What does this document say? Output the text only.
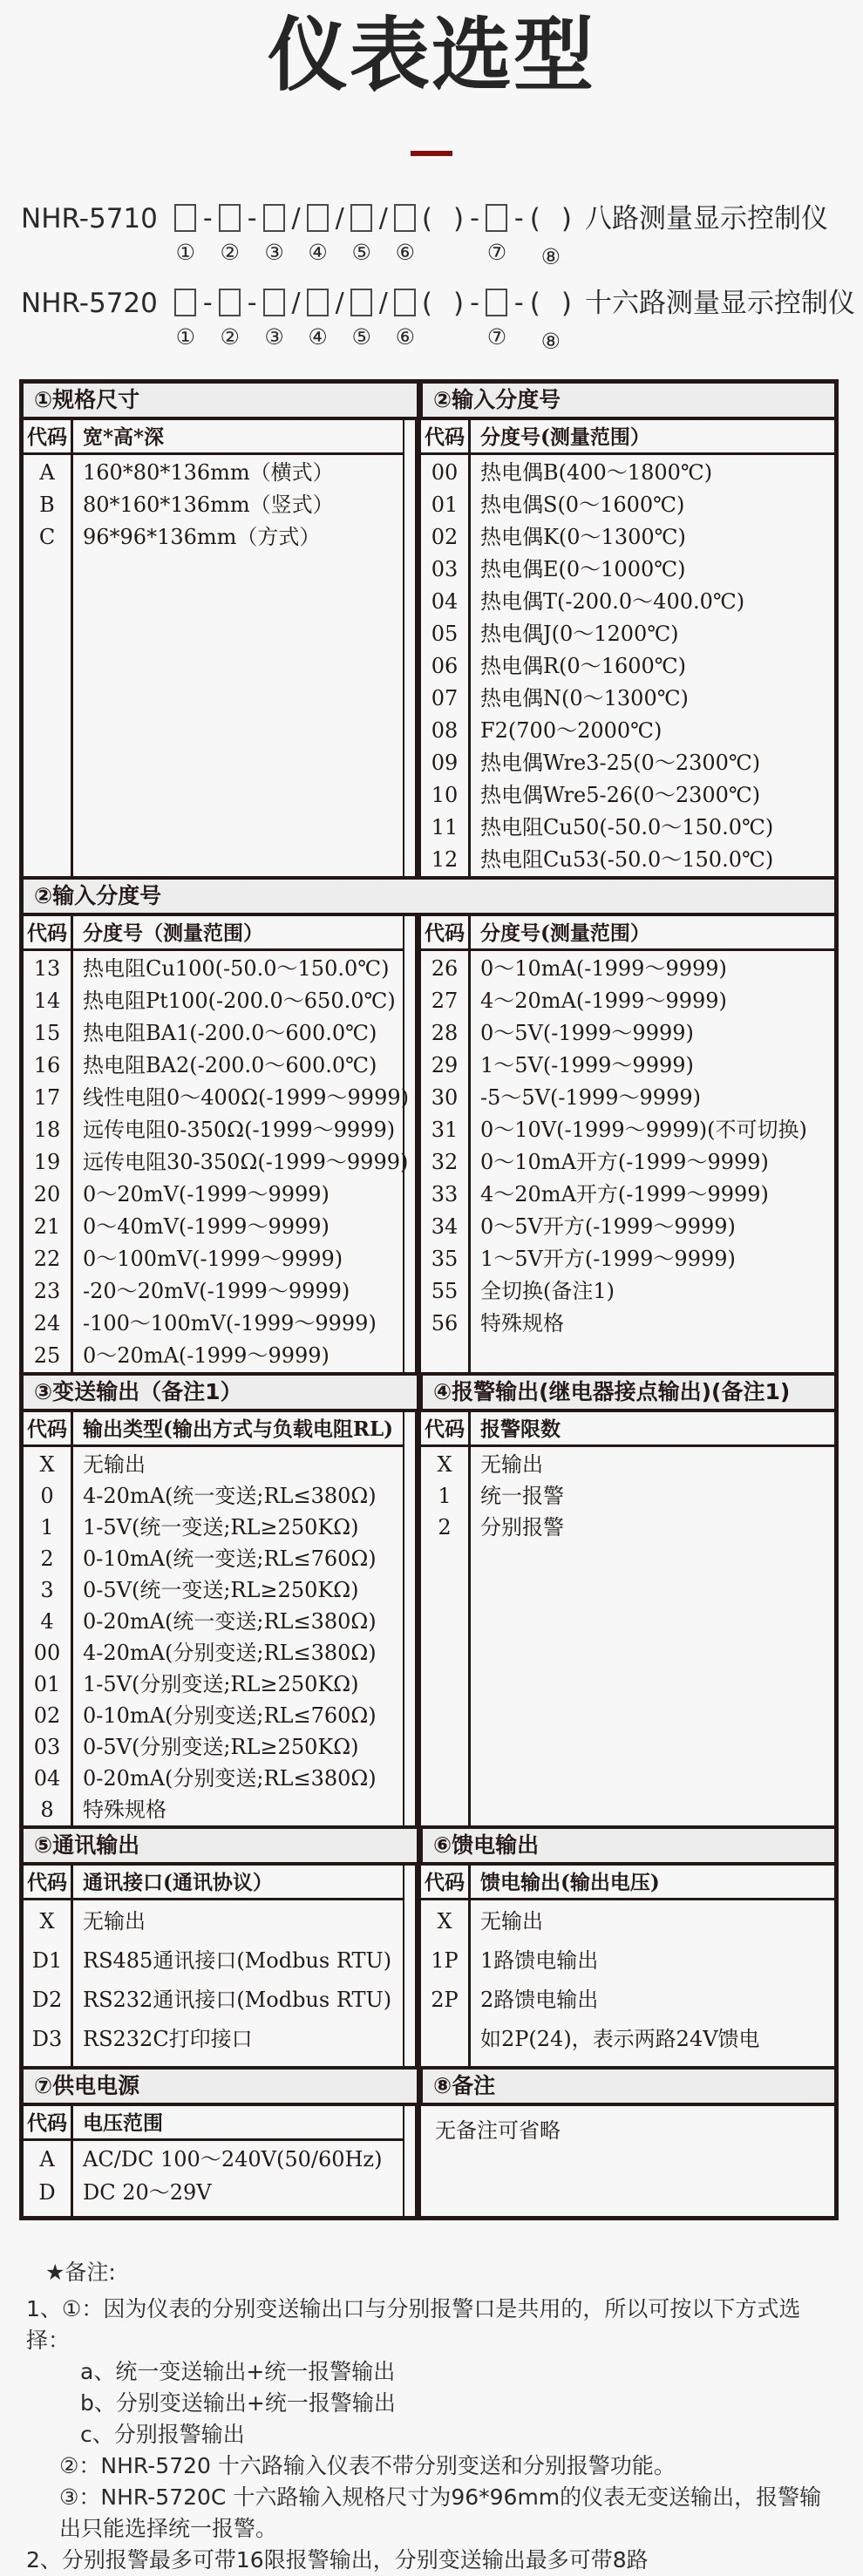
仪表选型
NHR-5710
①
-
②
-
③
/
④
/
⑤
/
⑥
( ) -
⑦
- ( )
⑧
八路测量显示控制仪
NHR-5720
①
-
②
-
③
/
④
/
⑤
/
⑥
( ) -
⑦
- ( )
⑧
十六路测量显示控制仪
①规格尺寸	②输入分度号
代码 宽*高*深
A	160*80*136mm（横式）
B	80*160*136mm（竖式）
C	96*96*136mm（方式）
代码 分度号(测量范围）
00	热电偶B(400～1800℃)
01	热电偶S(0～1600℃)
02	热电偶K(0～1300℃)
03	热电偶E(0～1000℃)
04	热电偶T(-200.0～400.0℃)
05	热电偶J(0～1200℃)
06	热电偶R(0～1600℃)
07	热电偶N(0～1300℃)
08	F2(700～2000℃)
09	热电偶Wre3-25(0～2300℃)
10	热电偶Wre5-26(0～2300℃)
11	热电阻Cu50(-50.0～150.0℃)
12	热电阻Cu53(-50.0～150.0℃)
②输入分度号
代码 分度号（测量范围）
13	热电阻Cu100(-50.0～150.0℃)
14	热电阻Pt100(-200.0～650.0℃)
15	热电阻BA1(-200.0～600.0℃)
16	热电阻BA2(-200.0～600.0℃)
17	线性电阻0～400Ω(-1999～9999)
18	远传电阻0-350Ω(-1999～9999)
19	远传电阻30-350Ω(-1999～9999)
20	0～20mV(-1999～9999)
21	0～40mV(-1999～9999)
22	0～100mV(-1999～9999)
23	-20～20mV(-1999～9999)
24	-100～100mV(-1999～9999)
25	0～20mA(-1999～9999)
代码 分度号(测量范围）
26	0～10mA(-1999～9999)
27	4～20mA(-1999～9999)
28	0～5V(-1999～9999)
29	1～5V(-1999～9999)
30	-5～5V(-1999～9999)
31	0～10V(-1999～9999)(不可切换)
32	0～10mA开方(-1999～9999)
33	4～20mA开方(-1999～9999)
34	0～5V开方(-1999～9999)
35	1～5V开方(-1999～9999)
55	全切换(备注1)
56	特殊规格
③变送输出（备注1）	④报警输出(继电器接点输出)(备注1)
代码 输出类型(输出方式与负载电阻RL)
X	无输出
0	4-20mA(统一变送;RL≤380Ω)
1	1-5V(统一变送;RL≥250KΩ)
2	0-10mA(统一变送;RL≤760Ω)
3	0-5V(统一变送;RL≥250KΩ)
4	0-20mA(统一变送;RL≤380Ω)
00	4-20mA(分别变送;RL≤380Ω)
01	1-5V(分别变送;RL≥250KΩ)
02	0-10mA(分别变送;RL≤760Ω)
03	0-5V(分别变送;RL≥250KΩ)
04	0-20mA(分别变送;RL≤380Ω)
8	特殊规格
代码 报警限数
X	无输出
1	统一报警
2	分别报警
⑤通讯输出	⑥馈电输出
代码 通讯接口(通讯协议）
X	无输出
D1 RS485通讯接口(Modbus RTU)
D2 RS232通讯接口(Modbus RTU)
D3 RS232C打印接口
代码 馈电输出(输出电压)
X	无输出
1P	1路馈电输出
2P	2路馈电输出
如2P(24)，表示两路24V馈电
⑦供电电源	⑧备注
代码 电压范围
A	AC/DC 100～240V(50/60Hz)
D	DC 20～29V
无备注可省略
★备注:
1、①：因为仪表的分别变送输出口与分别报警口是共用的，所以可按以下方式选择：
a、统一变送输出+统一报警输出
b、分别变送输出+统一报警输出
c、分别报警输出
②：NHR-5720 十六路输入仪表不带分别变送和分别报警功能。
③：NHR-5720C 十六路输入规格尺寸为96*96mm的仪表无变送输出，报警输出只能选择统一报警。
2、分别报警最多可带16限报警输出，分别变送输出最多可带8路
